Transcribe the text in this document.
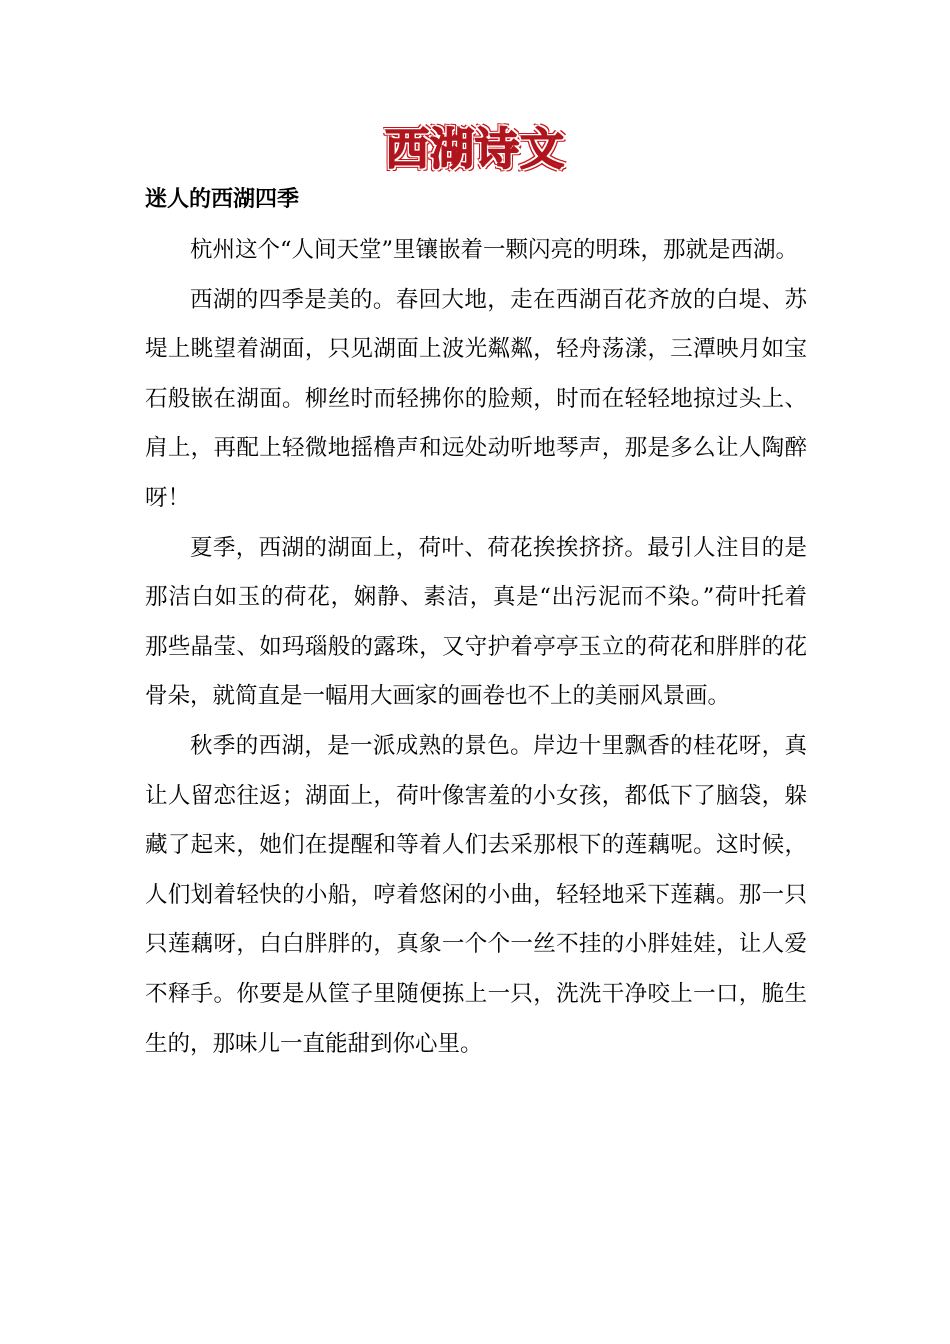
西湖诗文
迷人的西湖四季

杭州这个“人间天堂”里镶嵌着一颗闪亮的明珠，那就是西湖。

西湖的四季是美的。春回大地，走在西湖百花齐放的白堤、苏堤上眺望着湖面，只见湖面上波光粼粼，轻舟荡漾，三潭映月如宝石般嵌在湖面。柳丝时而轻拂你的脸颊，时而在轻轻地掠过头上、肩上，再配上轻微地摇橹声和远处动听地琴声，那是多么让人陶醉呀！

夏季，西湖的湖面上，荷叶、荷花挨挨挤挤。最引人注目的是那洁白如玉的荷花，娴静、素洁，真是“出污泥而不染。”荷叶托着那些晶莹、如玛瑙般的露珠，又守护着亭亭玉立的荷花和胖胖的花骨朵，就简直是一幅用大画家的画卷也不上的美丽风景画。

秋季的西湖，是一派成熟的景色。岸边十里飘香的桂花呀，真让人留恋往返；湖面上，荷叶像害羞的小女孩，都低下了脑袋，躲藏了起来，她们在提醒和等着人们去采那根下的莲藕呢。这时候，人们划着轻快的小船，哼着悠闲的小曲，轻轻地采下莲藕。那一只只莲藕呀，白白胖胖的，真象一个个一丝不挂的小胖娃娃，让人爱不释手。你要是从筐子里随便拣上一只，洗洗干净咬上一口，脆生生的，那味儿一直能甜到你心里。
